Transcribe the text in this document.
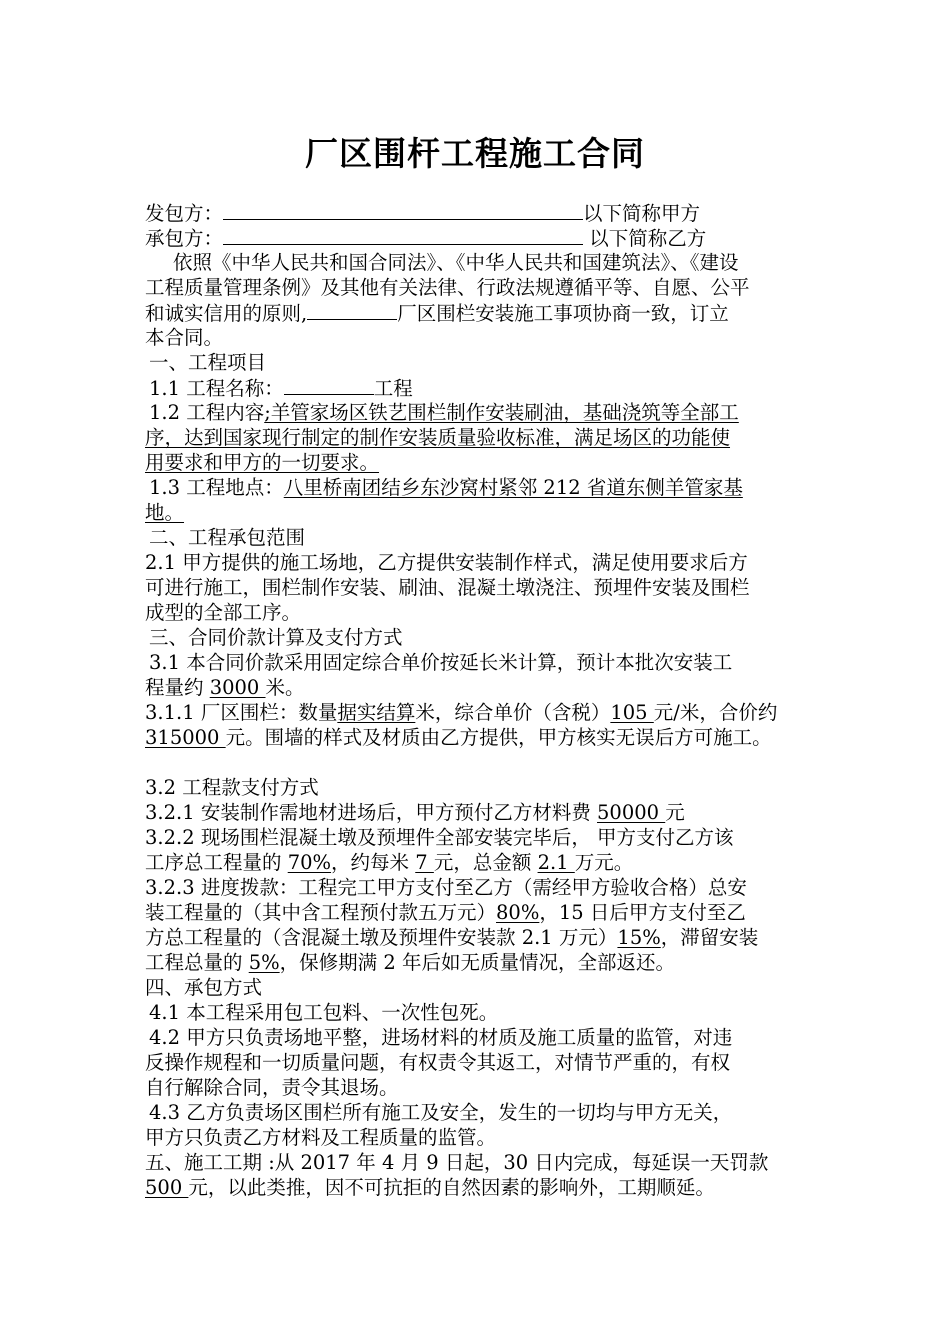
厂区围杆工程施工合同
发包方：	以下简称甲方
承包方：	以下简称乙方
依照《中华人民共和国合同法》、《中华人民共和国建筑法》、《建设
工程质量管理条例》及其他有关法律、行政法规遵循平等、自愿、公平
和诚实信用的原则,	厂区围栏安装施工事项协商一致，订立
本合同。
一、工程项目
1.1 工程名称：	工程
1.2 工程内容;羊管家场区铁艺围栏制作安装刷油，基础浇筑等全部工
序，达到国家现行制定的制作安装质量验收标准，满足场区的功能使
用要求和甲方的一切要求。
1.3 工程地点：八里桥南团结乡东沙窝村紧邻 212 省道东侧羊管家基
地。
二、工程承包范围
2.1 甲方提供的施工场地，乙方提供安装制作样式，满足使用要求后方
可进行施工，围栏制作安装、刷油、混凝土墩浇注、预埋件安装及围栏
成型的全部工序。
三、合同价款计算及支付方式
3.1 本合同价款采用固定综合单价按延长米计算，预计本批次安装工
程量约 3000 米。
3.1.1 厂区围栏：数量据实结算米，综合单价（含税）105 元/米，合价约
315000 元。围墙的样式及材质由乙方提供，甲方核实无误后方可施工。
3.2 工程款支付方式
3.2.1 安装制作需地材进场后，甲方预付乙方材料费 50000 元
3.2.2 现场围栏混凝土墩及预埋件全部安装完毕后， 甲方支付乙方该
工序总工程量的 70%，约每米 7 元，总金额 2.1 万元。
3.2.3 进度拨款：工程完工甲方支付至乙方（需经甲方验收合格）总安
装工程量的（其中含工程预付款五万元）80%，15 日后甲方支付至乙
方总工程量的（含混凝土墩及预埋件安装款 2.1 万元）15%，滞留安装
工程总量的 5%，保修期满 2 年后如无质量情况，全部返还。
四、承包方式
4.1 本工程采用包工包料、一次性包死。
4.2 甲方只负责场地平整，进场材料的材质及施工质量的监管，对违
反操作规程和一切质量问题，有权责令其返工，对情节严重的，有权
自行解除合同，责令其退场。
4.3 乙方负责场区围栏所有施工及安全，发生的一切均与甲方无关，
甲方只负责乙方材料及工程质量的监管。
五、施工工期 :从 2017 年 4 月 9 日起，30 日内完成，每延误一天罚款
500 元，以此类推，因不可抗拒的自然因素的影响外，工期顺延。
